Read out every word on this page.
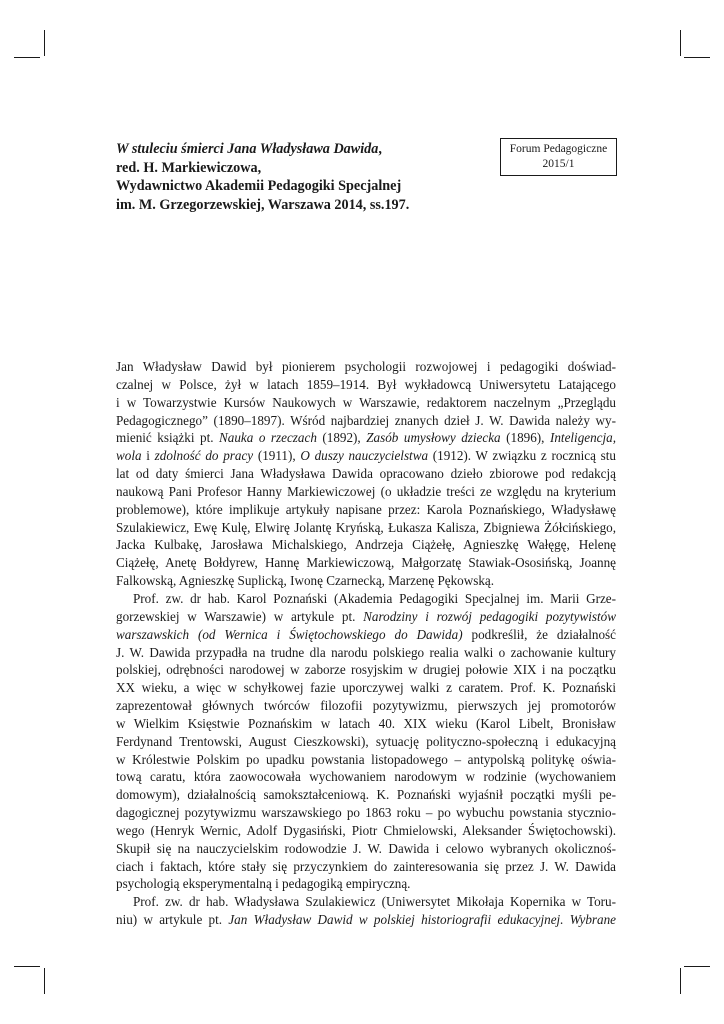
W stuleciu śmierci Jana Władysława Dawida,
red. H. Markiewiczowa,
Wydawnictwo Akademii Pedagogiki Specjalnej
im. M. Grzegorzewskiej, Warszawa 2014, ss.197.
Forum Pedagogiczne
2015/1
Jan Władysław Dawid był pionierem psychologii rozwojowej i pedagogiki doświad-
czalnej w Polsce, żył w latach 1859–1914. Był wykładowcą Uniwersytetu Latającego
i w Towarzystwie Kursów Naukowych w Warszawie, redaktorem naczelnym „Przeglądu
Pedagogicznego” (1890–1897). Wśród najbardziej znanych dzieł J. W. Dawida należy wy-
mienić książki pt. Nauka o rzeczach (1892), Zasób umysłowy dziecka (1896), Inteligencja,
wola i zdolność do pracy (1911), O duszy nauczycielstwa (1912). W związku z rocznicą stu
lat od daty śmierci Jana Władysława Dawida opracowano dzieło zbiorowe pod redakcją
naukową Pani Profesor Hanny Markiewiczowej (o układzie treści ze względu na kryterium
problemowe), które implikuje artykuły napisane przez: Karola Poznańskiego, Władysławę
Szulakiewicz, Ewę Kulę, Elwirę Jolantę Kryńską, Łukasza Kalisza, Zbigniewa Żółcińskiego,
Jacka Kulbakę, Jarosława Michalskiego, Andrzeja Ciążełę, Agnieszkę Wałęgę, Helenę
Ciążełę, Anetę Bołdyrew, Hannę Markiewiczową, Małgorzatę Stawiak-Ososińską, Joannę
Falkowską, Agnieszkę Suplicką, Iwonę Czarnecką, Marzenę Pękowską.
Prof. zw. dr hab. Karol Poznański (Akademia Pedagogiki Specjalnej im. Marii Grze-
gorzewskiej w Warszawie) w artykule pt. Narodziny i rozwój pedagogiki pozytywistów
warszawskich (od Wernica i Świętochowskiego do Dawida) podkreślił, że działalność
J. W. Dawida przypadła na trudne dla narodu polskiego realia walki o zachowanie kultury
polskiej, odrębności narodowej w zaborze rosyjskim w drugiej połowie XIX i na początku
XX wieku, a więc w schyłkowej fazie uporczywej walki z caratem. Prof. K. Poznański
zaprezentował głównych twórców filozofii pozytywizmu, pierwszych jej promotorów
w Wielkim Księstwie Poznańskim w latach 40. XIX wieku (Karol Libelt, Bronisław
Ferdynand Trentowski, August Cieszkowski), sytuację polityczno-społeczną i edukacyjną
w Królestwie Polskim po upadku powstania listopadowego – antypolską politykę oświa-
tową caratu, która zaowocowała wychowaniem narodowym w rodzinie (wychowaniem
domowym), działalnością samokształceniową. K. Poznański wyjaśnił początki myśli pe-
dagogicznej pozytywizmu warszawskiego po 1863 roku – po wybuchu powstania stycznio-
wego (Henryk Wernic, Adolf Dygasiński, Piotr Chmielowski, Aleksander Świętochowski).
Skupił się na nauczycielskim rodowodzie J. W. Dawida i celowo wybranych okolicznoś-
ciach i faktach, które stały się przyczynkiem do zainteresowania się przez J. W. Dawida
psychologią eksperymentalną i pedagogiką empiryczną.
Prof. zw. dr hab. Władysława Szulakiewicz (Uniwersytet Mikołaja Kopernika w Toru-
niu) w artykule pt. Jan Władysław Dawid w polskiej historiografii edukacyjnej. Wybrane
